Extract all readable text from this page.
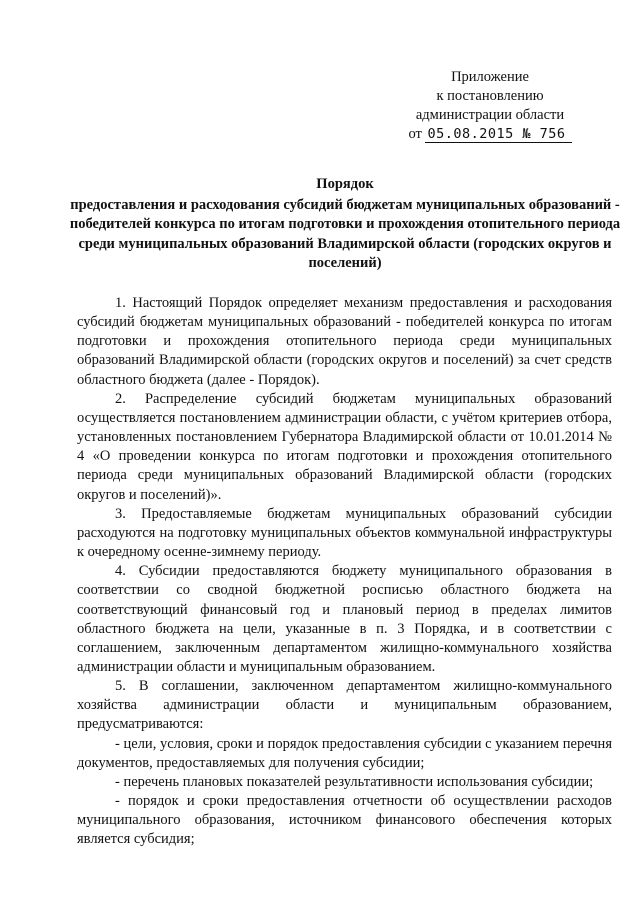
Приложение
к постановлению
администрации области
от 05.08.2015 № 756
Порядок
предоставления и расходования субсидий бюджетам муниципальных образований - победителей конкурса по итогам подготовки и прохождения отопительного периода среди муниципальных образований Владимирской области (городских округов и поселений)

1. Настоящий Порядок определяет механизм предоставления и расходования субсидий бюджетам муниципальных образований - победителей конкурса по итогам подготовки и прохождения отопительного периода среди муниципальных образований Владимирской области (городских округов и поселений) за счет средств областного бюджета (далее - Порядок).

2. Распределение субсидий бюджетам муниципальных образований осуществляется постановлением администрации области, с учётом критериев отбора, установленных постановлением Губернатора Владимирской области от 10.01.2014 № 4 «О проведении конкурса по итогам подготовки и прохождения отопительного периода среди муниципальных образований Владимирской области (городских округов и поселений)».

3. Предоставляемые бюджетам муниципальных образований субсидии расходуются на подготовку муниципальных объектов коммунальной инфраструктуры к очередному осенне-зимнему периоду.

4. Субсидии предоставляются бюджету муниципального образования в соответствии со сводной бюджетной росписью областного бюджета на соответствующий финансовый год и плановый период в пределах лимитов областного бюджета на цели, указанные в п. 3 Порядка, и в соответствии с соглашением, заключенным департаментом жилищно-коммунального хозяйства администрации области и муниципальным образованием.

5. В соглашении, заключенном департаментом жилищно-коммунального хозяйства администрации области и муниципальным образованием, предусматриваются:

- цели, условия, сроки и порядок предоставления субсидии с указанием перечня документов, предоставляемых для получения субсидии;

- перечень плановых показателей результативности использования субсидии;

- порядок и сроки предоставления отчетности об осуществлении расходов муниципального образования, источником финансового обеспечения которых является субсидия;
